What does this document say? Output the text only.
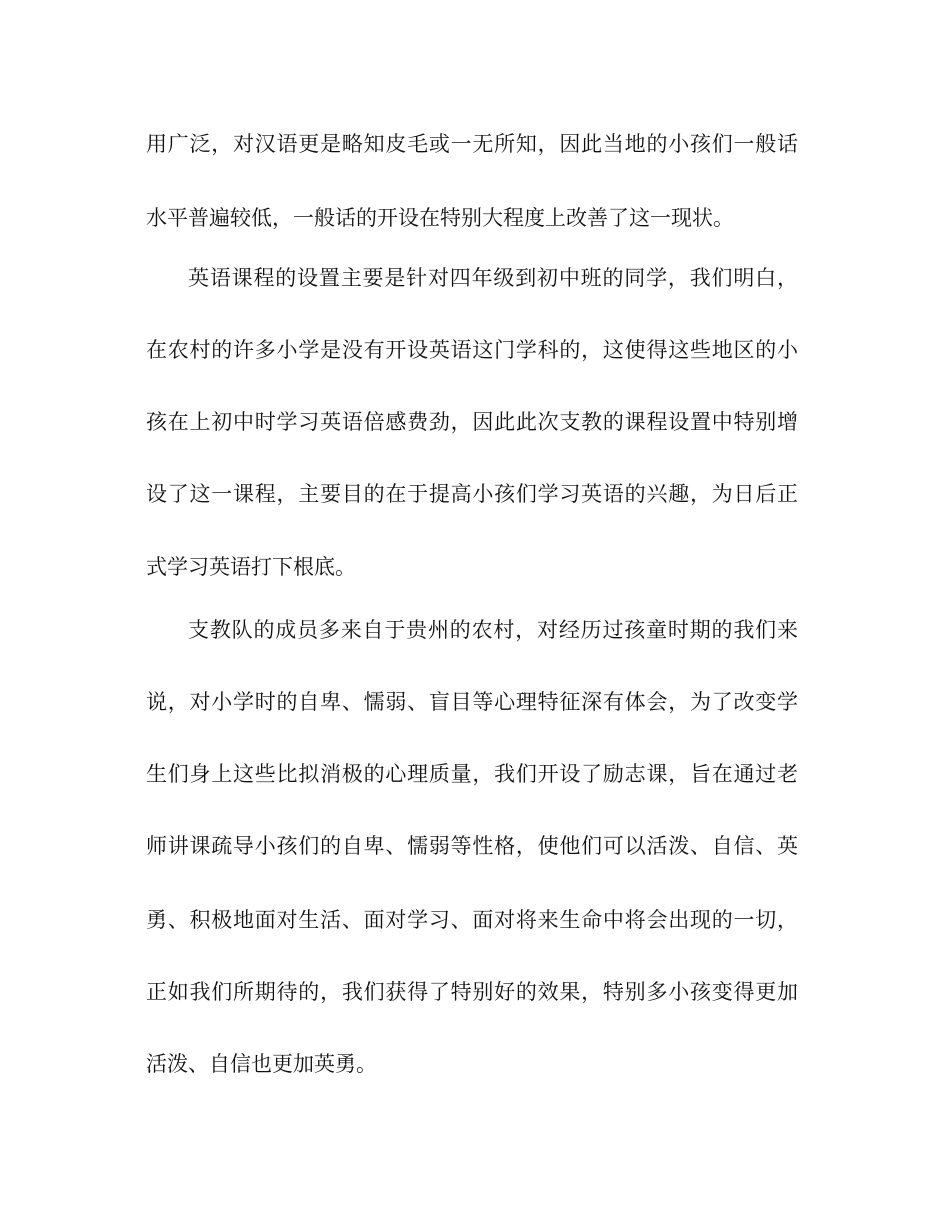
用广泛，对汉语更是略知皮毛或一无所知，因此当地的小孩们一般话
水平普遍较低，一般话的开设在特别大程度上改善了这一现状。
英语课程的设置主要是针对四年级到初中班的同学，我们明白，
在农村的许多小学是没有开设英语这门学科的，这使得这些地区的小
孩在上初中时学习英语倍感费劲，因此此次支教的课程设置中特别增
设了这一课程，主要目的在于提高小孩们学习英语的兴趣，为日后正
式学习英语打下根底。
支教队的成员多来自于贵州的农村，对经历过孩童时期的我们来
说，对小学时的自卑、懦弱、盲目等心理特征深有体会，为了改变学
生们身上这些比拟消极的心理质量，我们开设了励志课，旨在通过老
师讲课疏导小孩们的自卑、懦弱等性格，使他们可以活泼、自信、英
勇、积极地面对生活、面对学习、面对将来生命中将会出现的一切，
正如我们所期待的，我们获得了特别好的效果，特别多小孩变得更加
活泼、自信也更加英勇。
